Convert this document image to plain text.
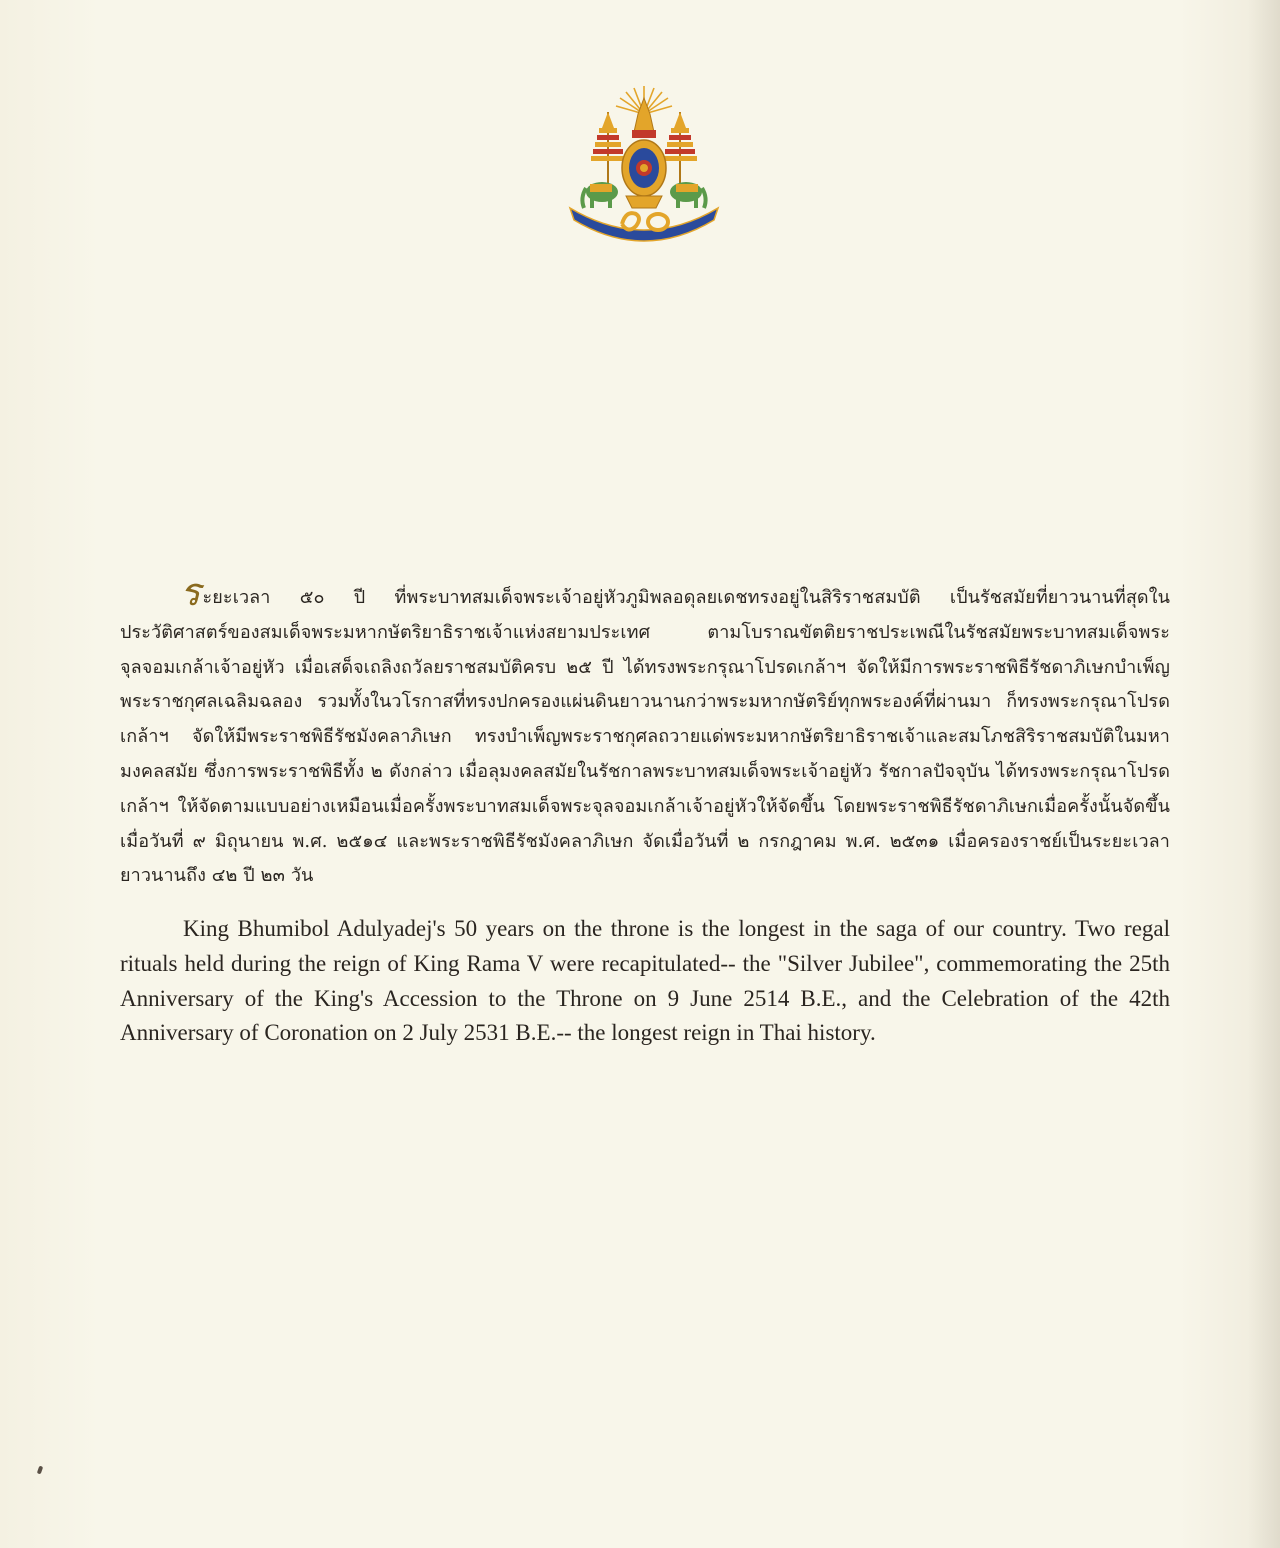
ระยะเวลา ๕๐ ปี ที่พระบาทสมเด็จพระเจ้าอยู่หัวภูมิพลอดุลยเดชทรงอยู่ในสิริราชสมบัติ เป็นรัชสมัยที่ยาวนานที่สุดในประวัติศาสตร์ของสมเด็จพระมหากษัตริยาธิราชเจ้าแห่งสยามประเทศ ตามโบราณขัตติยราชประเพณีในรัชสมัยพระบาทสมเด็จพระจุลจอมเกล้าเจ้าอยู่หัว เมื่อเสด็จเถลิงถวัลยราชสมบัติครบ ๒๕ ปี ได้ทรงพระกรุณาโปรดเกล้าฯ จัดให้มีการพระราชพิธีรัชดาภิเษกบำเพ็ญพระราชกุศลเฉลิมฉลอง รวมทั้งในวโรกาสที่ทรงปกครองแผ่นดินยาวนานกว่าพระมหากษัตริย์ทุกพระองค์ที่ผ่านมา ก็ทรงพระกรุณาโปรดเกล้าฯ จัดให้มีพระราชพิธีรัชมังคลาภิเษก ทรงบำเพ็ญพระราชกุศลถวายแด่พระมหากษัตริยาธิราชเจ้าและสมโภชสิริราชสมบัติในมหามงคลสมัย ซึ่งการพระราชพิธีทั้ง ๒ ดังกล่าว เมื่อลุมงคลสมัยในรัชกาลพระบาทสมเด็จพระเจ้าอยู่หัว รัชกาลปัจจุบัน ได้ทรงพระกรุณาโปรดเกล้าฯ ให้จัดตามแบบอย่างเหมือนเมื่อครั้งพระบาทสมเด็จพระจุลจอมเกล้าเจ้าอยู่หัวให้จัดขึ้น โดยพระราชพิธีรัชดาภิเษกเมื่อครั้งนั้นจัดขึ้นเมื่อวันที่ ๙ มิถุนายน พ.ศ. ๒๕๑๔ และพระราชพิธีรัชมังคลาภิเษก จัดเมื่อวันที่ ๒ กรกฎาคม พ.ศ. ๒๕๓๑ เมื่อครองราชย์เป็นระยะเวลายาวนานถึง ๔๒ ปี ๒๓ วัน

King Bhumibol Adulyadej's 50 years on the throne is the longest in the saga of our country. Two regal rituals held during the reign of King Rama V were recapitulated-- the "Silver Jubilee", commemorating the 25th Anniversary of the King's Accession to the Throne on 9 June 2514 B.E., and the Celebration of the 42th Anniversary of Coronation on 2 July 2531 B.E.-- the longest reign in Thai history.
